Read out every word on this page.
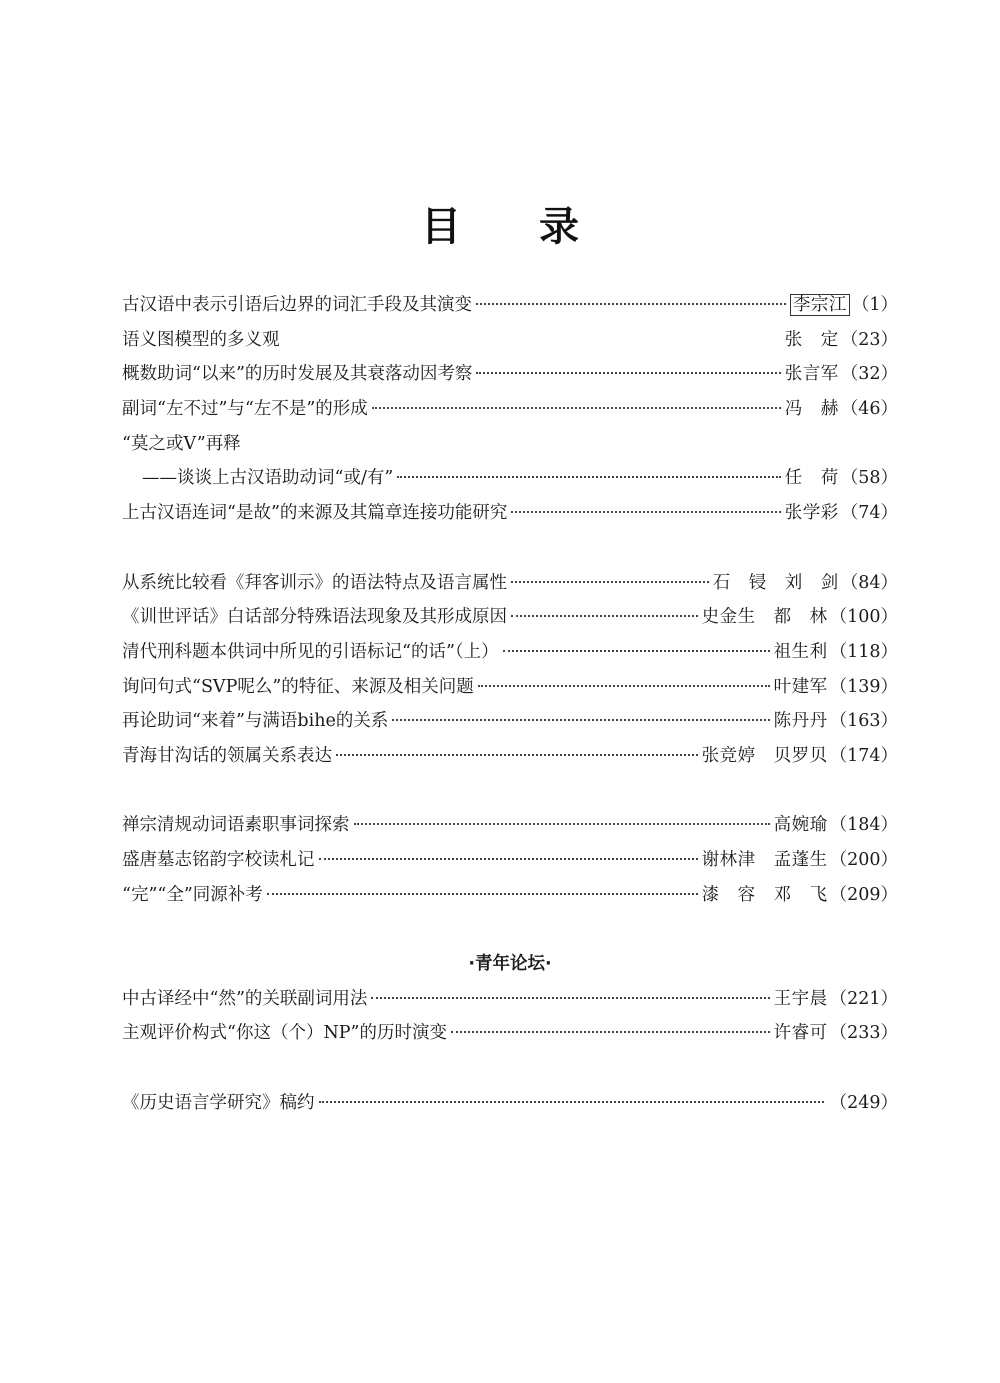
目 录
古汉语中表示引语后边界的词汇手段及其演变	李宗江 （1）
语义图模型的多义观	张　定 （23）
概数助词“以来”的历时发展及其衰落动因考察	张言军 （32）
副词“左不过”与“左不是”的形成	冯　赫 （46）
“莫之或V”再释
——谈谈上古汉语助动词“或/有”	任　荷 （58）
上古汉语连词“是故”的来源及其篇章连接功能研究	张学彩 （74）
从系统比较看《拜客训示》的语法特点及语言属性	石　锓　刘　剑 （84）
《训世评话》白话部分特殊语法现象及其形成原因	史金生　都　林 （100）
清代刑科题本供词中所见的引语标记“的话”（上）	祖生利 （118）
询问句式“SVP呢么”的特征、来源及相关问题	叶建军 （139）
再论助词“来着”与满语bihe的关系	陈丹丹 （163）
青海甘沟话的领属关系表达	张竞婷　贝罗贝 （174）
禅宗清规动词语素职事词探索	高婉瑜 （184）
盛唐墓志铭韵字校读札记	谢林津　孟蓬生 （200）
“完”“全”同源补考	漆　容　邓　飞 （209）
·青年论坛·
中古译经中“然”的关联副词用法	王宇晨 （221）
主观评价构式“你这（个）NP”的历时演变	许睿可 （233）
《历史语言学研究》稿约	（249）
